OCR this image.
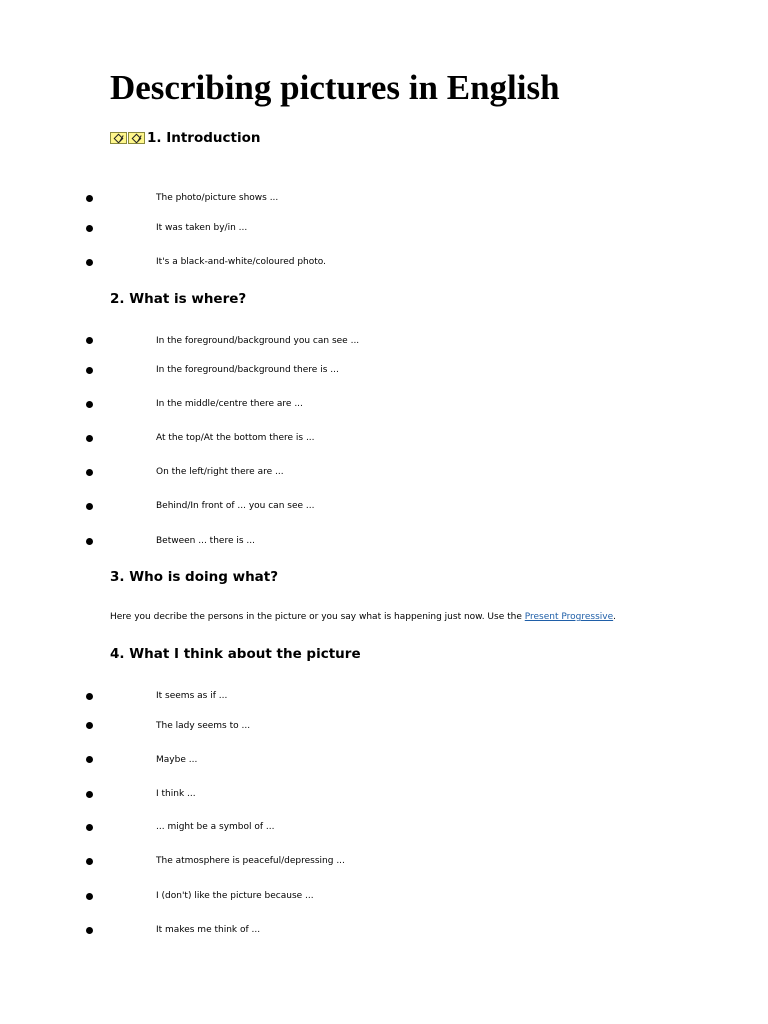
Describing pictures in English
1. Introduction

The photo/picture shows ...

It was taken by/in ...

It's a black-and-white/coloured photo.

2. What is where?

In the foreground/background you can see ...

In the foreground/background there is ...

In the middle/centre there are ...

At the top/At the bottom there is ...

On the left/right there are ...

Behind/In front of ... you can see ...

Between ... there is ...

3. Who is doing what?

Here you decribe the persons in the picture or you say what is happening just now. Use the Present Progressive.

4. What I think about the picture

It seems as if ...

The lady seems to ...

Maybe ...

I think ...

... might be a symbol of ...

The atmosphere is peaceful/depressing ...

I (don't) like the picture because ...

It makes me think of ...
